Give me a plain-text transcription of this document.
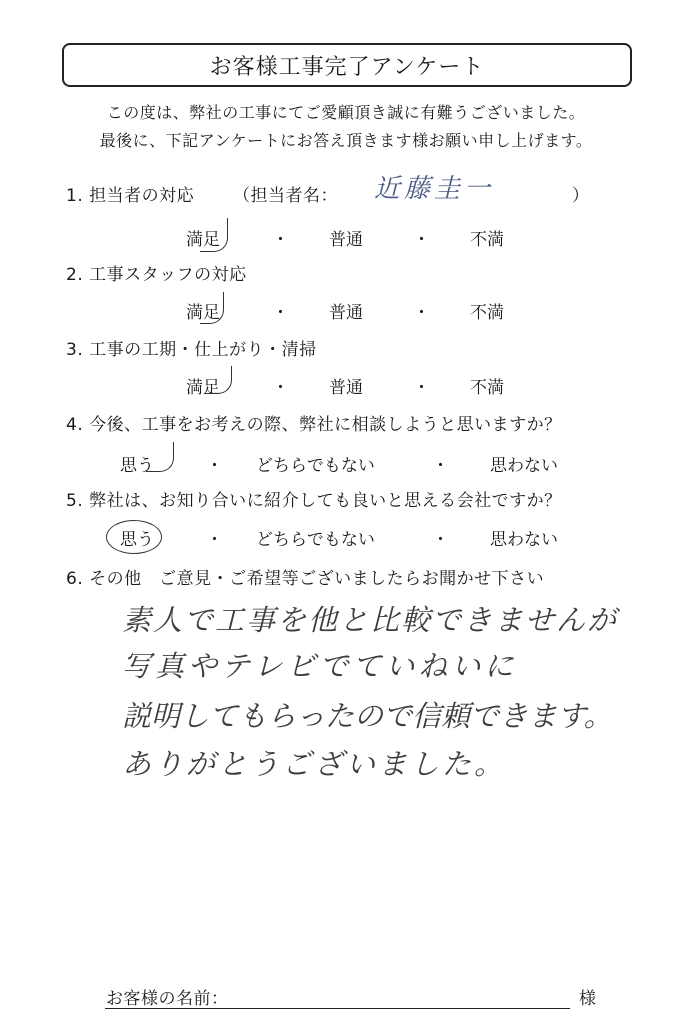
お客様工事完了アンケート
この度は、弊社の工事にてご愛顧頂き誠に有難うございました。
最後に、下記アンケートにお答え頂きます様お願い申し上げます。
1. 担当者の対応 （担当者名： 近藤圭一	）
満足	・ 普通	・ 不満
2. 工事スタッフの対応
満足	・ 普通	・ 不満
3. 工事の工期・仕上がり・清掃
満足	・ 普通	・ 不満
4. 今後、工事をお考えの際、弊社に相談しようと思いますか？
思う	・ どちらでもない	・ 思わない
5. 弊社は、お知り合いに紹介しても良いと思える会社ですか？
思う	・ どちらでもない	・ 思わない
6. その他　ご意見・ご希望等ございましたらお聞かせ下さい
素人で工事を他と比較できませんが
写真やテレビでていねいに
説明してもらったので信頼できます。
ありがとうございました。
お客様の名前：	様
